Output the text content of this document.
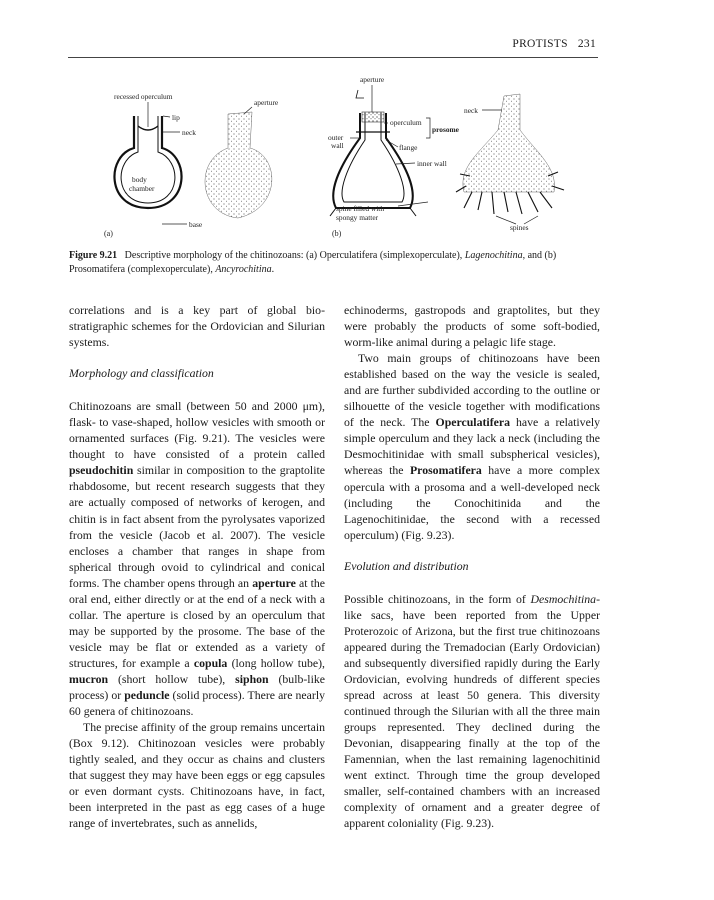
PROTISTS 231
recessed operculum
lip
neck
body
chamber
base
(a)
aperture
aperture
operculum
prosome
outer
wall	flange
inner wall
spine filled with
spongy matter
(b)
neck
spines
Figure 9.21 Descriptive morphology of the chitinozoans: (a) Operculatifera (simplexoperculate), Lagenochitina, and (b) Prosomatifera (complexoperculate), Ancyrochitina.

correlations and is a key part of global bio-stratigraphic schemes for the Ordovician and Silurian systems.

Morphology and classification

Chitinozoans are small (between 50 and 2000 μm), flask- to vase-shaped, hollow vesicles with smooth or ornamented surfaces (Fig. 9.21). The vesicles were thought to have consisted of a protein called pseudochitin similar in composition to the graptolite rhabdosome, but recent research suggests that they are actually composed of networks of kerogen, and chitin is in fact absent from the pyrolysates vaporized from the vesicle (Jacob et al. 2007). The vesicle encloses a chamber that ranges in shape from spherical through ovoid to cylindrical and conical forms. The chamber opens through an aperture at the oral end, either directly or at the end of a neck with a collar. The aperture is closed by an operculum that may be supported by the prosome. The base of the vesicle may be flat or extended as a variety of structures, for example a copula (long hollow tube), mucron (short hollow tube), siphon (bulb-like process) or peduncle (solid process). There are nearly 60 genera of chitinozoans.

The precise affinity of the group remains uncertain (Box 9.12). Chitinozoan vesicles were probably tightly sealed, and they occur as chains and clusters that suggest they may have been eggs or egg capsules or even dormant cysts. Chitinozoans have, in fact, been interpreted in the past as egg cases of a huge range of invertebrates, such as annelids,

echinoderms, gastropods and graptolites, but they were probably the products of some soft-bodied, worm-like animal during a pelagic life stage.

Two main groups of chitinozoans have been established based on the way the vesicle is sealed, and are further subdivided according to the outline or silhouette of the vesicle together with modifications of the neck. The Operculatifera have a relatively simple operculum and they lack a neck (including the Desmochitinidae with small subspherical vesicles), whereas the Prosomatifera have a more complex opercula with a prosoma and a well-developed neck (including the Conochitinida and the Lagenochitinidae, the second with a recessed operculum) (Fig. 9.23).

Evolution and distribution

Possible chitinozoans, in the form of Desmochitina-like sacs, have been reported from the Upper Proterozoic of Arizona, but the first true chitinozoans appeared during the Tremadocian (Early Ordovician) and subsequently diversified rapidly during the Early Ordovician, evolving hundreds of different species spread across at least 50 genera. This diversity continued through the Silurian with all the three main groups represented. They declined during the Devonian, disappearing finally at the top of the Famennian, when the last remaining lagenochitinid went extinct. Through time the group developed smaller, self-contained chambers with an increased complexity of ornament and a greater degree of apparent coloniality (Fig. 9.23).
